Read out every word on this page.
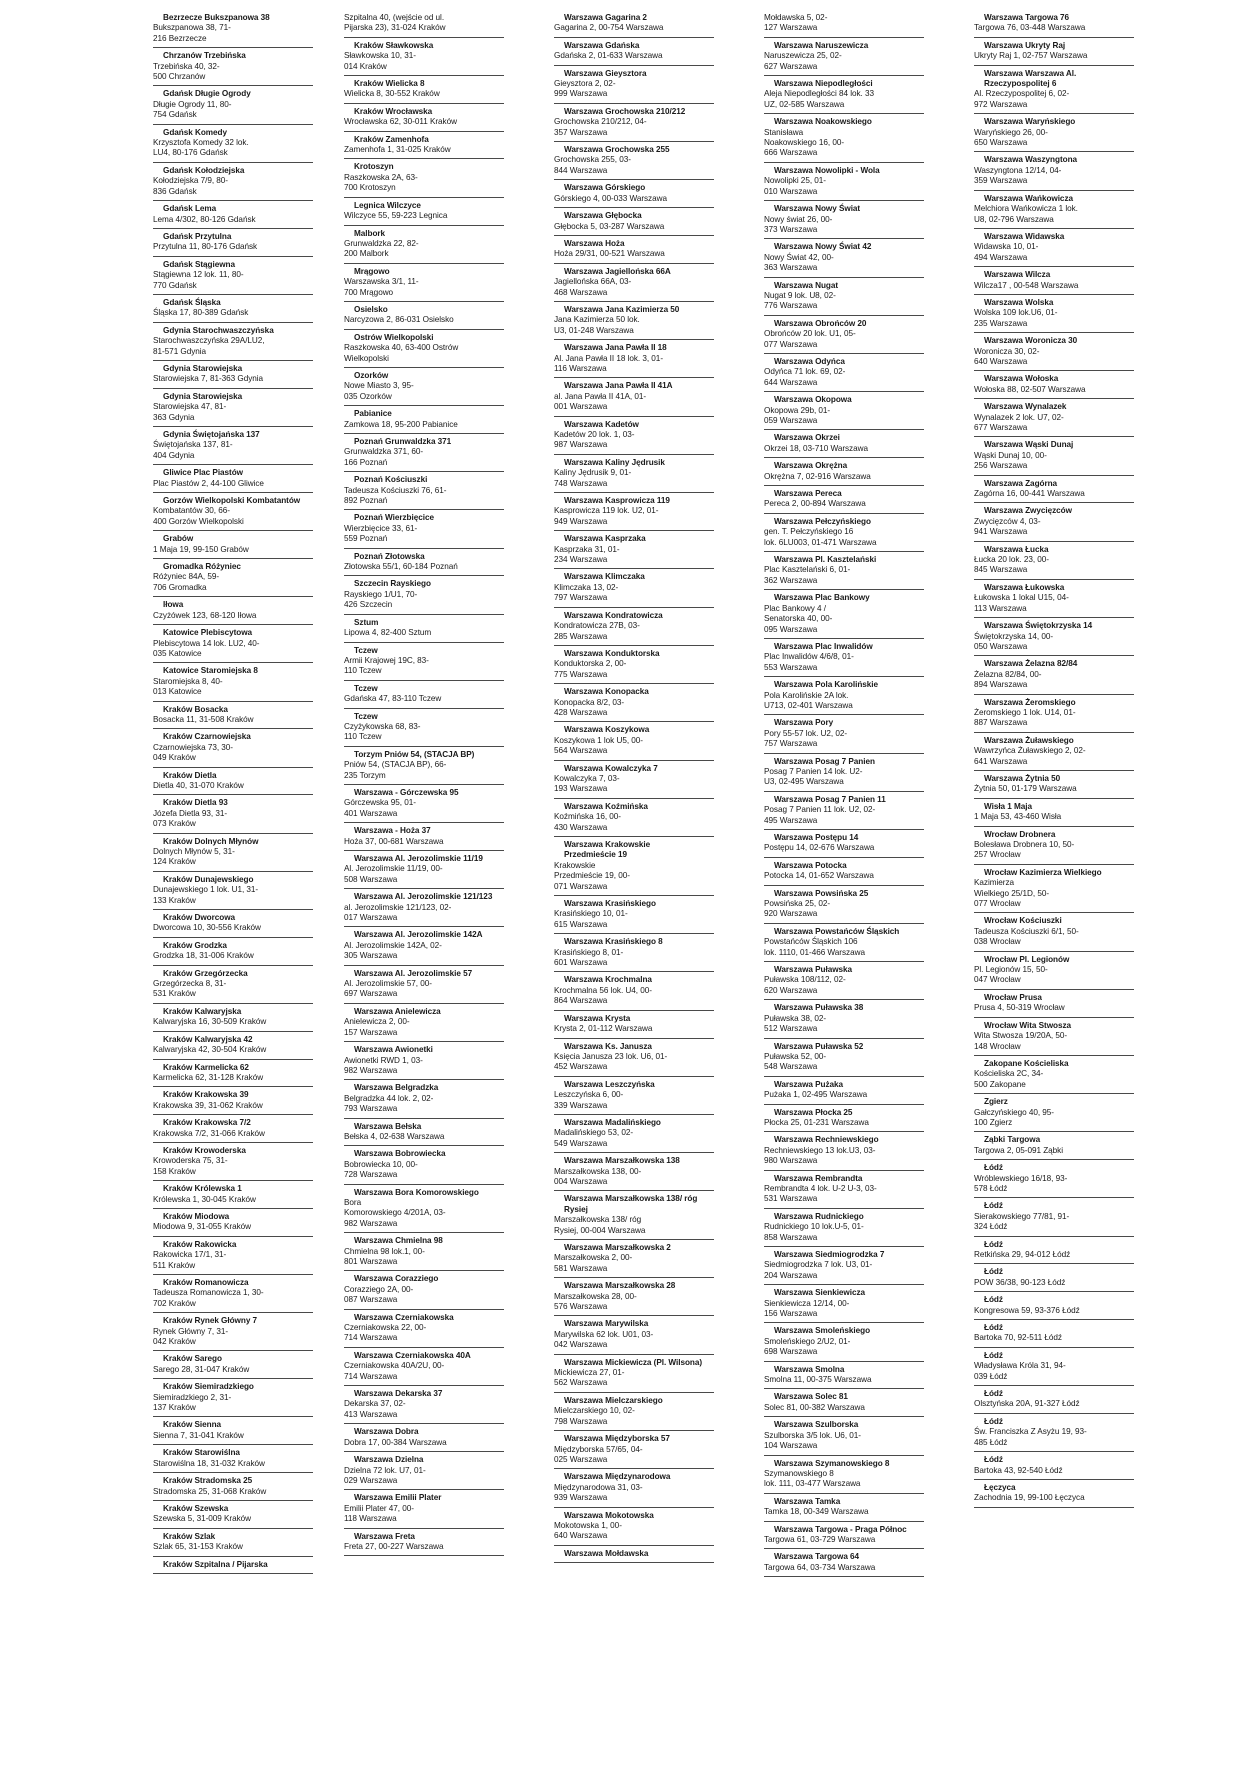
Bezrzecze Bukszpanowa 38
Bukszpanowa 38, 71-
216 Bezrzecze
Chrzanów Trzebińska
Trzebińska 40, 32-
500 Chrzanów
Gdańsk Długie Ogrody
Długie Ogrody 11, 80-
754 Gdańsk
Gdańsk Komedy
Krzysztofa Komedy 32 lok.
LU4, 80-176 Gdańsk
Gdańsk Kołodziejska
Kołodziejska 7/9, 80-
836 Gdańsk
Gdańsk Lema
Lema 4/302, 80-126 Gdańsk
Gdańsk Przytulna
Przytulna 11, 80-176 Gdańsk
Gdańsk Stągiewna
Stągiewna 12 lok. 11, 80-
770 Gdańsk
Gdańsk Śląska
Śląska 17, 80-389 Gdańsk
Gdynia Starochwaszczyńska
Starochwaszczyńska 29A/LU2,
81-571 Gdynia
Gdynia Starowiejska
Starowiejska 7, 81-363 Gdynia
Gdynia Starowiejska
Starowiejska 47, 81-
363 Gdynia
Gdynia Świętojańska 137
Świętojańska 137, 81-
404 Gdynia
Gliwice Plac Piastów
Plac Piastów 2, 44-100 Gliwice
Gorzów Wielkopolski Kombatantów
Kombatantów 30, 66-
400 Gorzów Wielkopolski
Grabów
1 Maja 19, 99-150 Grabów
Gromadka Różyniec
Różyniec 84A, 59-
706 Gromadka
Iłowa
Czyżówek 123, 68-120 Iłowa
Katowice Plebiscytowa
Plebiscytowa 14 lok. LU2, 40-
035 Katowice
Katowice Staromiejska 8
Staromiejska 8, 40-
013 Katowice
Kraków Bosacka
Bosacka 11, 31-508 Kraków
Kraków Czarnowiejska
Czarnowiejska 73, 30-
049 Kraków
Kraków Dietla
Dietla 40, 31-070 Kraków
Kraków Dietla 93
Józefa Dietla 93, 31-
073 Kraków
Kraków Dolnych Młynów
Dolnych Młynów 5, 31-
124 Kraków
Kraków Dunajewskiego
Dunajewskiego 1 lok. U1, 31-
133 Kraków
Kraków Dworcowa
Dworcowa 10, 30-556 Kraków
Kraków Grodzka
Grodzka 18, 31-006 Kraków
Kraków Grzegórzecka
Grzegórzecka 8, 31-
531 Kraków
Kraków Kalwaryjska
Kalwaryjska 16, 30-509 Kraków
Kraków Kalwaryjska 42
Kalwaryjska 42, 30-504 Kraków
Kraków Karmelicka 62
Karmelicka 62, 31-128 Kraków
Kraków Krakowska 39
Krakowska 39, 31-062 Kraków
Kraków Krakowska 7/2
Krakowska 7/2, 31-066 Kraków
Kraków Krowoderska
Krowoderska 75, 31-
158 Kraków
Kraków Królewska 1
Królewska 1, 30-045 Kraków
Kraków Miodowa
Miodowa 9, 31-055 Kraków
Kraków Rakowicka
Rakowicka 17/1, 31-
511 Kraków
Kraków Romanowicza
Tadeusza Romanowicza 1, 30-
702 Kraków
Kraków Rynek Główny 7
Rynek Główny 7, 31-
042 Kraków
Kraków Sarego
Sarego 28, 31-047 Kraków
Kraków Siemiradzkiego
Siemiradzkiego 2, 31-
137 Kraków
Kraków Sienna
Sienna 7, 31-041 Kraków
Kraków Starowiślna
Starowiślna 18, 31-032 Kraków
Kraków Stradomska 25
Stradomska 25, 31-068 Kraków
Kraków Szewska
Szewska 5, 31-009 Kraków
Kraków Szlak
Szlak 65, 31-153 Kraków
Kraków Szpitalna / Pijarska
Szpitalna 40, (wejście od ul.
Pijarska 23), 31-024 Kraków
Kraków Sławkowska
Sławkowska 10, 31-
014 Kraków
Kraków Wielicka 8
Wielicka 8, 30-552 Kraków
Kraków Wrocławska
Wrocławska 62, 30-011 Kraków
Kraków Zamenhofa
Zamenhofa 1, 31-025 Kraków
Krotoszyn
Raszkowska 2A, 63-
700 Krotoszyn
Legnica Wilczyce
Wilczyce 55, 59-223 Legnica
Malbork
Grunwaldzka 22, 82-
200 Malbork
Mrągowo
Warszawska 3/1, 11-
700 Mrągowo
Osielsko
Narcyzowa 2, 86-031 Osielsko
Ostrów Wielkopolski
Raszkowska 40, 63-400 Ostrów
Wielkopolski
Ozorków
Nowe Miasto 3, 95-
035 Ozorków
Pabianice
Zamkowa 18, 95-200 Pabianice
Poznań Grunwaldzka 371
Grunwaldzka 371, 60-
166 Poznań
Poznań Kościuszki
Tadeusza Kościuszki 76, 61-
892 Poznań
Poznań Wierzbięcice
Wierzbięcice 33, 61-
559 Poznań
Poznań Złotowska
Złotowska 55/1, 60-184 Poznań
Szczecin Rayskiego
Rayskiego 1/U1, 70-
426 Szczecin
Sztum
Lipowa 4, 82-400 Sztum
Tczew
Armii Krajowej 19C, 83-
110 Tczew
Tczew
Gdańska 47, 83-110 Tczew
Tczew
Czyżykowska 68, 83-
110 Tczew
Torzym Pniów 54, (STACJA BP)
Pniów 54, (STACJA BP), 66-
235 Torzym
Warszawa - Górczewska 95
Górczewska 95, 01-
401 Warszawa
Warszawa - Hoża 37
Hoża 37, 00-681 Warszawa
Warszawa Al. Jerozolimskie 11/19
Al. Jerozolimskie 11/19, 00-
508 Warszawa
Warszawa Al. Jerozolimskie 121/123
al. Jerozolimskie 121/123, 02-
017 Warszawa
Warszawa Al. Jerozolimskie 142A
Al. Jerozolimskie 142A, 02-
305 Warszawa
Warszawa Al. Jerozolimskie 57
Al. Jerozolimskie 57, 00-
697 Warszawa
Warszawa Anielewicza
Anielewicza 2, 00-
157 Warszawa
Warszawa Awionetki
Awionetki RWD 1, 03-
982 Warszawa
Warszawa Belgradzka
Belgradzka 44 lok. 2, 02-
793 Warszawa
Warszawa Bełska
Bełska 4, 02-638 Warszawa
Warszawa Bobrowiecka
Bobrowiecka 10, 00-
728 Warszawa
Warszawa Bora Komorowskiego
Bora
Komorowskiego 4/201A, 03-
982 Warszawa
Warszawa Chmielna 98
Chmielna 98 lok.1, 00-
801 Warszawa
Warszawa Corazziego
Corazziego 2A, 00-
087 Warszawa
Warszawa Czerniakowska
Czerniakowska 22, 00-
714 Warszawa
Warszawa Czerniakowska 40A
Czerniakowska 40A/2U, 00-
714 Warszawa
Warszawa Dekarska 37
Dekarska 37, 02-
413 Warszawa
Warszawa Dobra
Dobra 17, 00-384 Warszawa
Warszawa Dzielna
Dzielna 72 lok. U7, 01-
029 Warszawa
Warszawa Emilii Plater
Emilii Plater 47, 00-
118 Warszawa
Warszawa Freta
Freta 27, 00-227 Warszawa
Warszawa Gagarina 2
Gagarina 2, 00-754 Warszawa
Warszawa Gdańska
Gdańska 2, 01-633 Warszawa
Warszawa Gieysztora
Gieysztora 2, 02-
999 Warszawa
Warszawa Grochowska 210/212
Grochowska 210/212, 04-
357 Warszawa
Warszawa Grochowska 255
Grochowska 255, 03-
844 Warszawa
Warszawa Górskiego
Górskiego 4, 00-033 Warszawa
Warszawa Głębocka
Głębocka 5, 03-287 Warszawa
Warszawa Hoża
Hoża 29/31, 00-521 Warszawa
Warszawa Jagiellońska 66A
Jagiellońska 66A, 03-
468 Warszawa
Warszawa Jana Kazimierza 50
Jana Kazimierza 50 lok.
U3, 01-248 Warszawa
Warszawa Jana Pawła II 18
Al. Jana Pawła II 18 lok. 3, 01-
116 Warszawa
Warszawa Jana Pawła II 41A
al. Jana Pawła II 41A, 01-
001 Warszawa
Warszawa Kadetów
Kadetów 20 lok. 1, 03-
987 Warszawa
Warszawa Kaliny Jędrusik
Kaliny Jędrusik 9, 01-
748 Warszawa
Warszawa Kasprowicza 119
Kasprowicza 119 lok. U2, 01-
949 Warszawa
Warszawa Kasprzaka
Kasprzaka 31, 01-
234 Warszawa
Warszawa Klimczaka
Klimczaka 13, 02-
797 Warszawa
Warszawa Kondratowicza
Kondratowicza 27B, 03-
285 Warszawa
Warszawa Konduktorska
Konduktorska 2, 00-
775 Warszawa
Warszawa Konopacka
Konopacka 8/2, 03-
428 Warszawa
Warszawa Koszykowa
Koszykowa 1 lok U5, 00-
564 Warszawa
Warszawa Kowalczyka 7
Kowalczyka 7, 03-
193 Warszawa
Warszawa Koźmińska
Koźmińska 16, 00-
430 Warszawa
Warszawa Krakowskie Przedmieście 19
Krakowskie
Przedmieście 19, 00-
071 Warszawa
Warszawa Krasińskiego
Krasińskiego 10, 01-
615 Warszawa
Warszawa Krasińskiego 8
Krasińskiego 8, 01-
601 Warszawa
Warszawa Krochmalna
Krochmalna 56 lok. U4, 00-
864 Warszawa
Warszawa Krysta
Krysta 2, 01-112 Warszawa
Warszawa Ks. Janusza
Księcia Janusza 23 lok. U6, 01-
452 Warszawa
Warszawa Leszczyńska
Leszczyńska 6, 00-
339 Warszawa
Warszawa Madalińskiego
Madalińskiego 53, 02-
549 Warszawa
Warszawa Marszałkowska 138
Marszałkowska 138, 00-
004 Warszawa
Warszawa Marszałkowska 138/ róg Rysiej
Marszałkowska 138/ róg
Rysiej, 00-004 Warszawa
Warszawa Marszałkowska 2
Marszałkowska 2, 00-
581 Warszawa
Warszawa Marszałkowska 28
Marszałkowska 28, 00-
576 Warszawa
Warszawa Marywilska
Marywilska 62 lok. U01, 03-
042 Warszawa
Warszawa Mickiewicza (Pl. Wilsona)
Mickiewicza 27, 01-
562 Warszawa
Warszawa Mielczarskiego
Mielczarskiego 10, 02-
798 Warszawa
Warszawa Międzyborska 57
Międzyborska 57/65, 04-
025 Warszawa
Warszawa Międzynarodowa
Międzynarodowa 31, 03-
939 Warszawa
Warszawa Mokotowska
Mokotowska 1, 00-
640 Warszawa
Warszawa Mołdawska
Mołdawska 5, 02-
127 Warszawa
Warszawa Naruszewicza
Naruszewicza 25, 02-
627 Warszawa
Warszawa Niepodległości
Aleja Niepodległości 84 lok. 33
UZ, 02-585 Warszawa
Warszawa Noakowskiego
Stanisława
Noakowskiego 16, 00-
666 Warszawa
Warszawa Nowolipki - Wola
Nowolipki 25, 01-
010 Warszawa
Warszawa Nowy Świat
Nowy świat 26, 00-
373 Warszawa
Warszawa Nowy Świat 42
Nowy Świat 42, 00-
363 Warszawa
Warszawa Nugat
Nugat 9 lok. U8, 02-
776 Warszawa
Warszawa Obrońców 20
Obrońców 20 lok. U1, 05-
077 Warszawa
Warszawa Odyńca
Odyńca 71 lok. 69, 02-
644 Warszawa
Warszawa Okopowa
Okopowa 29b, 01-
059 Warszawa
Warszawa Okrzei
Okrzei 18, 03-710 Warszawa
Warszawa Okrężna
Okrężna 7, 02-916 Warszawa
Warszawa Pereca
Pereca 2, 00-894 Warszawa
Warszawa Pełczyńskiego
gen. T. Pełczyńskiego 16
lok. 6LU003, 01-471 Warszawa
Warszawa Pl. Kasztelański
Plac Kasztelański 6, 01-
362 Warszawa
Warszawa Plac Bankowy
Plac Bankowy 4 /
Senatorska 40, 00-
095 Warszawa
Warszawa Plac Inwalidów
Plac Inwalidów 4/6/8, 01-
553 Warszawa
Warszawa Pola Karolińskie
Pola Karolińskie 2A lok.
U713, 02-401 Warszawa
Warszawa Pory
Pory 55-57 lok. U2, 02-
757 Warszawa
Warszawa Posag 7 Panien
Posag 7 Panien 14 lok. U2-
U3, 02-495 Warszawa
Warszawa Posag 7 Panien 11
Posag 7 Panien 11 lok. U2, 02-
495 Warszawa
Warszawa Postępu 14
Postępu 14, 02-676 Warszawa
Warszawa Potocka
Potocka 14, 01-652 Warszawa
Warszawa Powsińska 25
Powsińska 25, 02-
920 Warszawa
Warszawa Powstańców Śląskich
Powstańców Śląskich 106
lok. 1110, 01-466 Warszawa
Warszawa Puławska
Puławska 108/112, 02-
620 Warszawa
Warszawa Puławska 38
Puławska 38, 02-
512 Warszawa
Warszawa Puławska 52
Puławska 52, 00-
548 Warszawa
Warszawa Pużaka
Pużaka 1, 02-495 Warszawa
Warszawa Płocka 25
Płocka 25, 01-231 Warszawa
Warszawa Rechniewskiego
Rechniewskiego 13 lok.U3, 03-
980 Warszawa
Warszawa Rembrandta
Rembrandta 4 lok. U-2 U-3, 03-
531 Warszawa
Warszawa Rudnickiego
Rudnickiego 10 lok.U-5, 01-
858 Warszawa
Warszawa Siedmiogrodzka 7
Siedmiogrodzka 7 lok. U3, 01-
204 Warszawa
Warszawa Sienkiewicza
Sienkiewicza 12/14, 00-
156 Warszawa
Warszawa Smoleńskiego
Smoleńskiego 2/U2, 01-
698 Warszawa
Warszawa Smolna
Smolna 11, 00-375 Warszawa
Warszawa Solec 81
Solec 81, 00-382 Warszawa
Warszawa Szulborska
Szulborska 3/5 lok. U6, 01-
104 Warszawa
Warszawa Szymanowskiego 8
Szymanowskiego 8
lok. 111, 03-477 Warszawa
Warszawa Tamka
Tamka 18, 00-349 Warszawa
Warszawa Targowa - Praga Północ
Targowa 61, 03-729 Warszawa
Warszawa Targowa 64
Targowa 64, 03-734 Warszawa
Warszawa Targowa 76
Targowa 76, 03-448 Warszawa
Warszawa Ukryty Raj
Ukryty Raj 1, 02-757 Warszawa
Warszawa Warszawa Al. Rzeczypospolitej 6
Al. Rzeczypospolitej 6, 02-
972 Warszawa
Warszawa Waryńskiego
Waryńskiego 26, 00-
650 Warszawa
Warszawa Waszyngtona
Waszyngtona 12/14, 04-
359 Warszawa
Warszawa Wańkowicza
Melchiora Wańkowicza 1 lok.
U8, 02-796 Warszawa
Warszawa Widawska
Widawska 10, 01-
494 Warszawa
Warszawa Wilcza
Wilcza17 , 00-548 Warszawa
Warszawa Wolska
Wolska 109 lok.U6, 01-
235 Warszawa
Warszawa Woronicza 30
Woronicza 30, 02-
640 Warszawa
Warszawa Wołoska
Wołoska 88, 02-507 Warszawa
Warszawa Wynalazek
Wynalazek 2 lok. U7, 02-
677 Warszawa
Warszawa Wąski Dunaj
Wąski Dunaj 10, 00-
256 Warszawa
Warszawa Zagórna
Zagórna 16, 00-441 Warszawa
Warszawa Zwycięzców
Zwycięzców 4, 03-
941 Warszawa
Warszawa Łucka
Łucka 20 lok. 23, 00-
845 Warszawa
Warszawa Łukowska
Łukowska 1 lokal U15, 04-
113 Warszawa
Warszawa Świętokrzyska 14
Świętokrzyska 14, 00-
050 Warszawa
Warszawa Żelazna 82/84
Żelazna 82/84, 00-
894 Warszawa
Warszawa Żeromskiego
Żeromskiego 1 lok. U14, 01-
887 Warszawa
Warszawa Żuławskiego
Wawrzyńca Żuławskiego 2, 02-
641 Warszawa
Warszawa Żytnia 50
Żytnia 50, 01-179 Warszawa
Wisła 1 Maja
1 Maja 53, 43-460 Wisła
Wrocław Drobnera
Bolesława Drobnera 10, 50-
257 Wrocław
Wrocław Kazimierza Wielkiego
Kazimierza
Wielkiego 25/1D, 50-
077 Wrocław
Wrocław Kościuszki
Tadeusza Kościuszki 6/1, 50-
038 Wrocław
Wrocław Pl. Legionów
Pl. Legionów 15, 50-
047 Wrocław
Wrocław Prusa
Prusa 4, 50-319 Wrocław
Wrocław Wita Stwosza
Wita Stwosza 19/20A, 50-
148 Wrocław
Zakopane Kościeliska
Kościeliska 2C, 34-
500 Zakopane
Zgierz
Gałczyńskiego 40, 95-
100 Zgierz
Ząbki Targowa
Targowa 2, 05-091 Ząbki
Łódź
Wróblewskiego 16/18, 93-
578 Łódź
Łódź
Sierakowskiego 77/81, 91-
324 Łódź
Łódź
Retkińska 29, 94-012 Łódź
Łódź
POW 36/38, 90-123 Łódź
Łódź
Kongresowa 59, 93-376 Łódź
Łódź
Bartoka 70, 92-511 Łódź
Łódź
Władysława Króla 31, 94-
039 Łódź
Łódź
Olsztyńska 20A, 91-327 Łódź
Łódź
Św. Franciszka Z Asyżu 19, 93-
485 Łódź
Łódź
Bartoka 43, 92-540 Łódź
Łęczyca
Zachodnia 19, 99-100 Łęczyca
